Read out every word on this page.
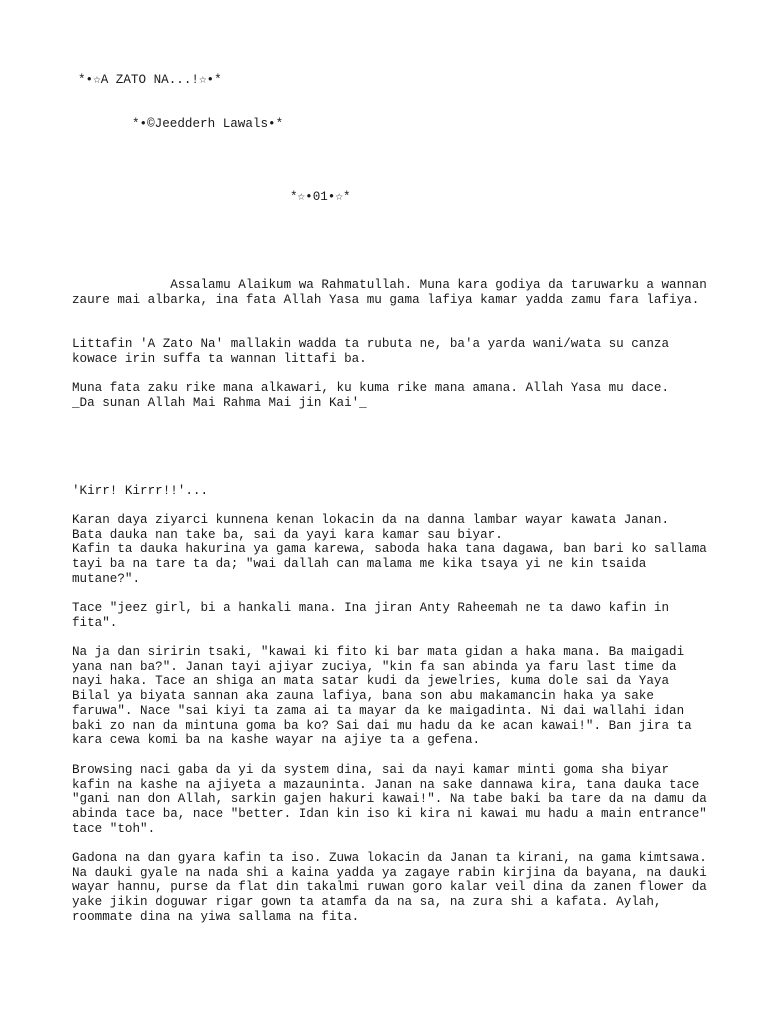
*•☆A ZATO NA...!☆•*
*•©Jeedderh Lawals•*
*☆•01•☆*

Assalamu Alaikum wa Rahmatullah. Muna kara godiya da taruwarku a wannan zaure mai albarka, ina fata Allah Yasa mu gama lafiya kamar yadda zamu fara lafiya.

Littafin 'A Zato Na' mallakin wadda ta rubuta ne, ba'a yarda wani/wata su canza kowace irin suffa ta wannan littafi ba.

Muna fata zaku rike mana alkawari, ku kuma rike mana amana. Allah Yasa mu dace.
_Da sunan Allah Mai Rahma Mai jin Kai'_

'Kirr! Kirrr!!'...

Karan daya ziyarci kunnena kenan lokacin da na danna lambar wayar kawata Janan.
Bata dauka nan take ba, sai da yayi kara kamar sau biyar.
Kafin ta dauka hakurina ya gama karewa, saboda haka tana dagawa, ban bari ko sallama tayi ba na tare ta da; "wai dallah can malama me kika tsaya yi ne kin tsaida mutane?".

Tace "jeez girl, bi a hankali mana. Ina jiran Anty Raheemah ne ta dawo kafin in fita".

Na ja dan siririn tsaki, "kawai ki fito ki bar mata gidan a haka mana. Ba maigadi yana nan ba?". Janan tayi ajiyar zuciya, "kin fa san abinda ya faru last time da nayi haka. Tace an shiga an mata satar kudi da jewelries, kuma dole sai da Yaya Bilal ya biyata sannan aka zauna lafiya, bana son abu makamancin haka ya sake faruwa". Nace "sai kiyi ta zama ai ta mayar da ke maigadinta. Ni dai wallahi idan baki zo nan da mintuna goma ba ko? Sai dai mu hadu da ke acan kawai!". Ban jira ta kara cewa komi ba na kashe wayar na ajiye ta a gefena.

Browsing naci gaba da yi da system dina, sai da nayi kamar minti goma sha biyar kafin na kashe na ajiyeta a mazauninta. Janan na sake dannawa kira, tana dauka tace "gani nan don Allah, sarkin gajen hakuri kawai!". Na tabe baki ba tare da na damu da abinda tace ba, nace "better. Idan kin iso ki kira ni kawai mu hadu a main entrance" tace "toh".

Gadona na dan gyara kafin ta iso. Zuwa lokacin da Janan ta kirani, na gama kimtsawa. Na dauki gyale na nada shi a kaina yadda ya zagaye rabin kirjina da bayana, na dauki wayar hannu, purse da flat din takalmi ruwan goro kalar veil dina da zanen flower da yake jikin doguwar rigar gown ta atamfa da na sa, na zura shi a kafata. Aylah, roommate dina na yiwa sallama na fita.
